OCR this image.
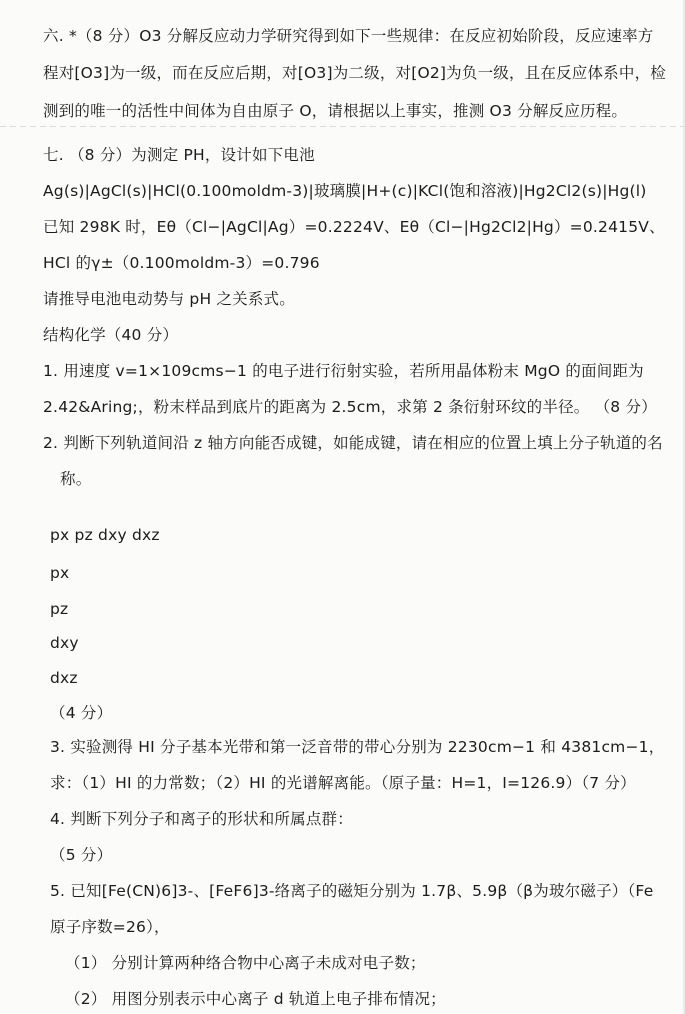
六. *（8 分）O3 分解反应动力学研究得到如下一些规律：在反应初始阶段，反应速率方
程对[O3]为一级，而在反应后期，对[O3]为二级，对[O2]为负一级，且在反应体系中，检
测到的唯一的活性中间体为自由原子 O，请根据以上事实，推测 O3 分解反应历程。
七. （8 分）为测定 PH，设计如下电池
Ag(s)|AgCl(s)|HCl(0.100moldm-3)|玻璃膜|H+(c)|KCl(饱和溶液)|Hg2Cl2(s)|Hg(l)
已知 298K 时，Eθ（Cl−|AgCl|Ag）=0.2224V、Eθ（Cl−|Hg2Cl2|Hg）=0.2415V、
HCl 的γ±（0.100moldm-3）=0.796
请推导电池电动势与 pH 之关系式。
结构化学（40 分）
1. 用速度 v=1×109cms−1 的电子进行衍射实验，若所用晶体粉末 MgO 的面间距为
2.42&Aring;，粉末样品到底片的距离为 2.5cm，求第 2 条衍射环纹的半径。 （8 分）
2. 判断下列轨道间沿 z 轴方向能否成键，如能成键，请在相应的位置上填上分子轨道的名
称。
px pz dxy dxz
px
pz
dxy
dxz
（4 分）
3. 实验测得 HI 分子基本光带和第一泛音带的带心分别为 2230cm−1 和 4381cm−1，
求：（1）HI 的力常数；（2）HI 的光谱解离能。（原子量：H=1，I=126.9）（7 分）
4. 判断下列分子和离子的形状和所属点群：
（5 分）
5. 已知[Fe(CN)6]3-、[FeF6]3-络离子的磁矩分别为 1.7β、5.9β（β为玻尔磁子）（Fe
原子序数=26），
（1） 分别计算两种络合物中心离子未成对电子数；
（2） 用图分别表示中心离子 d 轨道上电子排布情况；
